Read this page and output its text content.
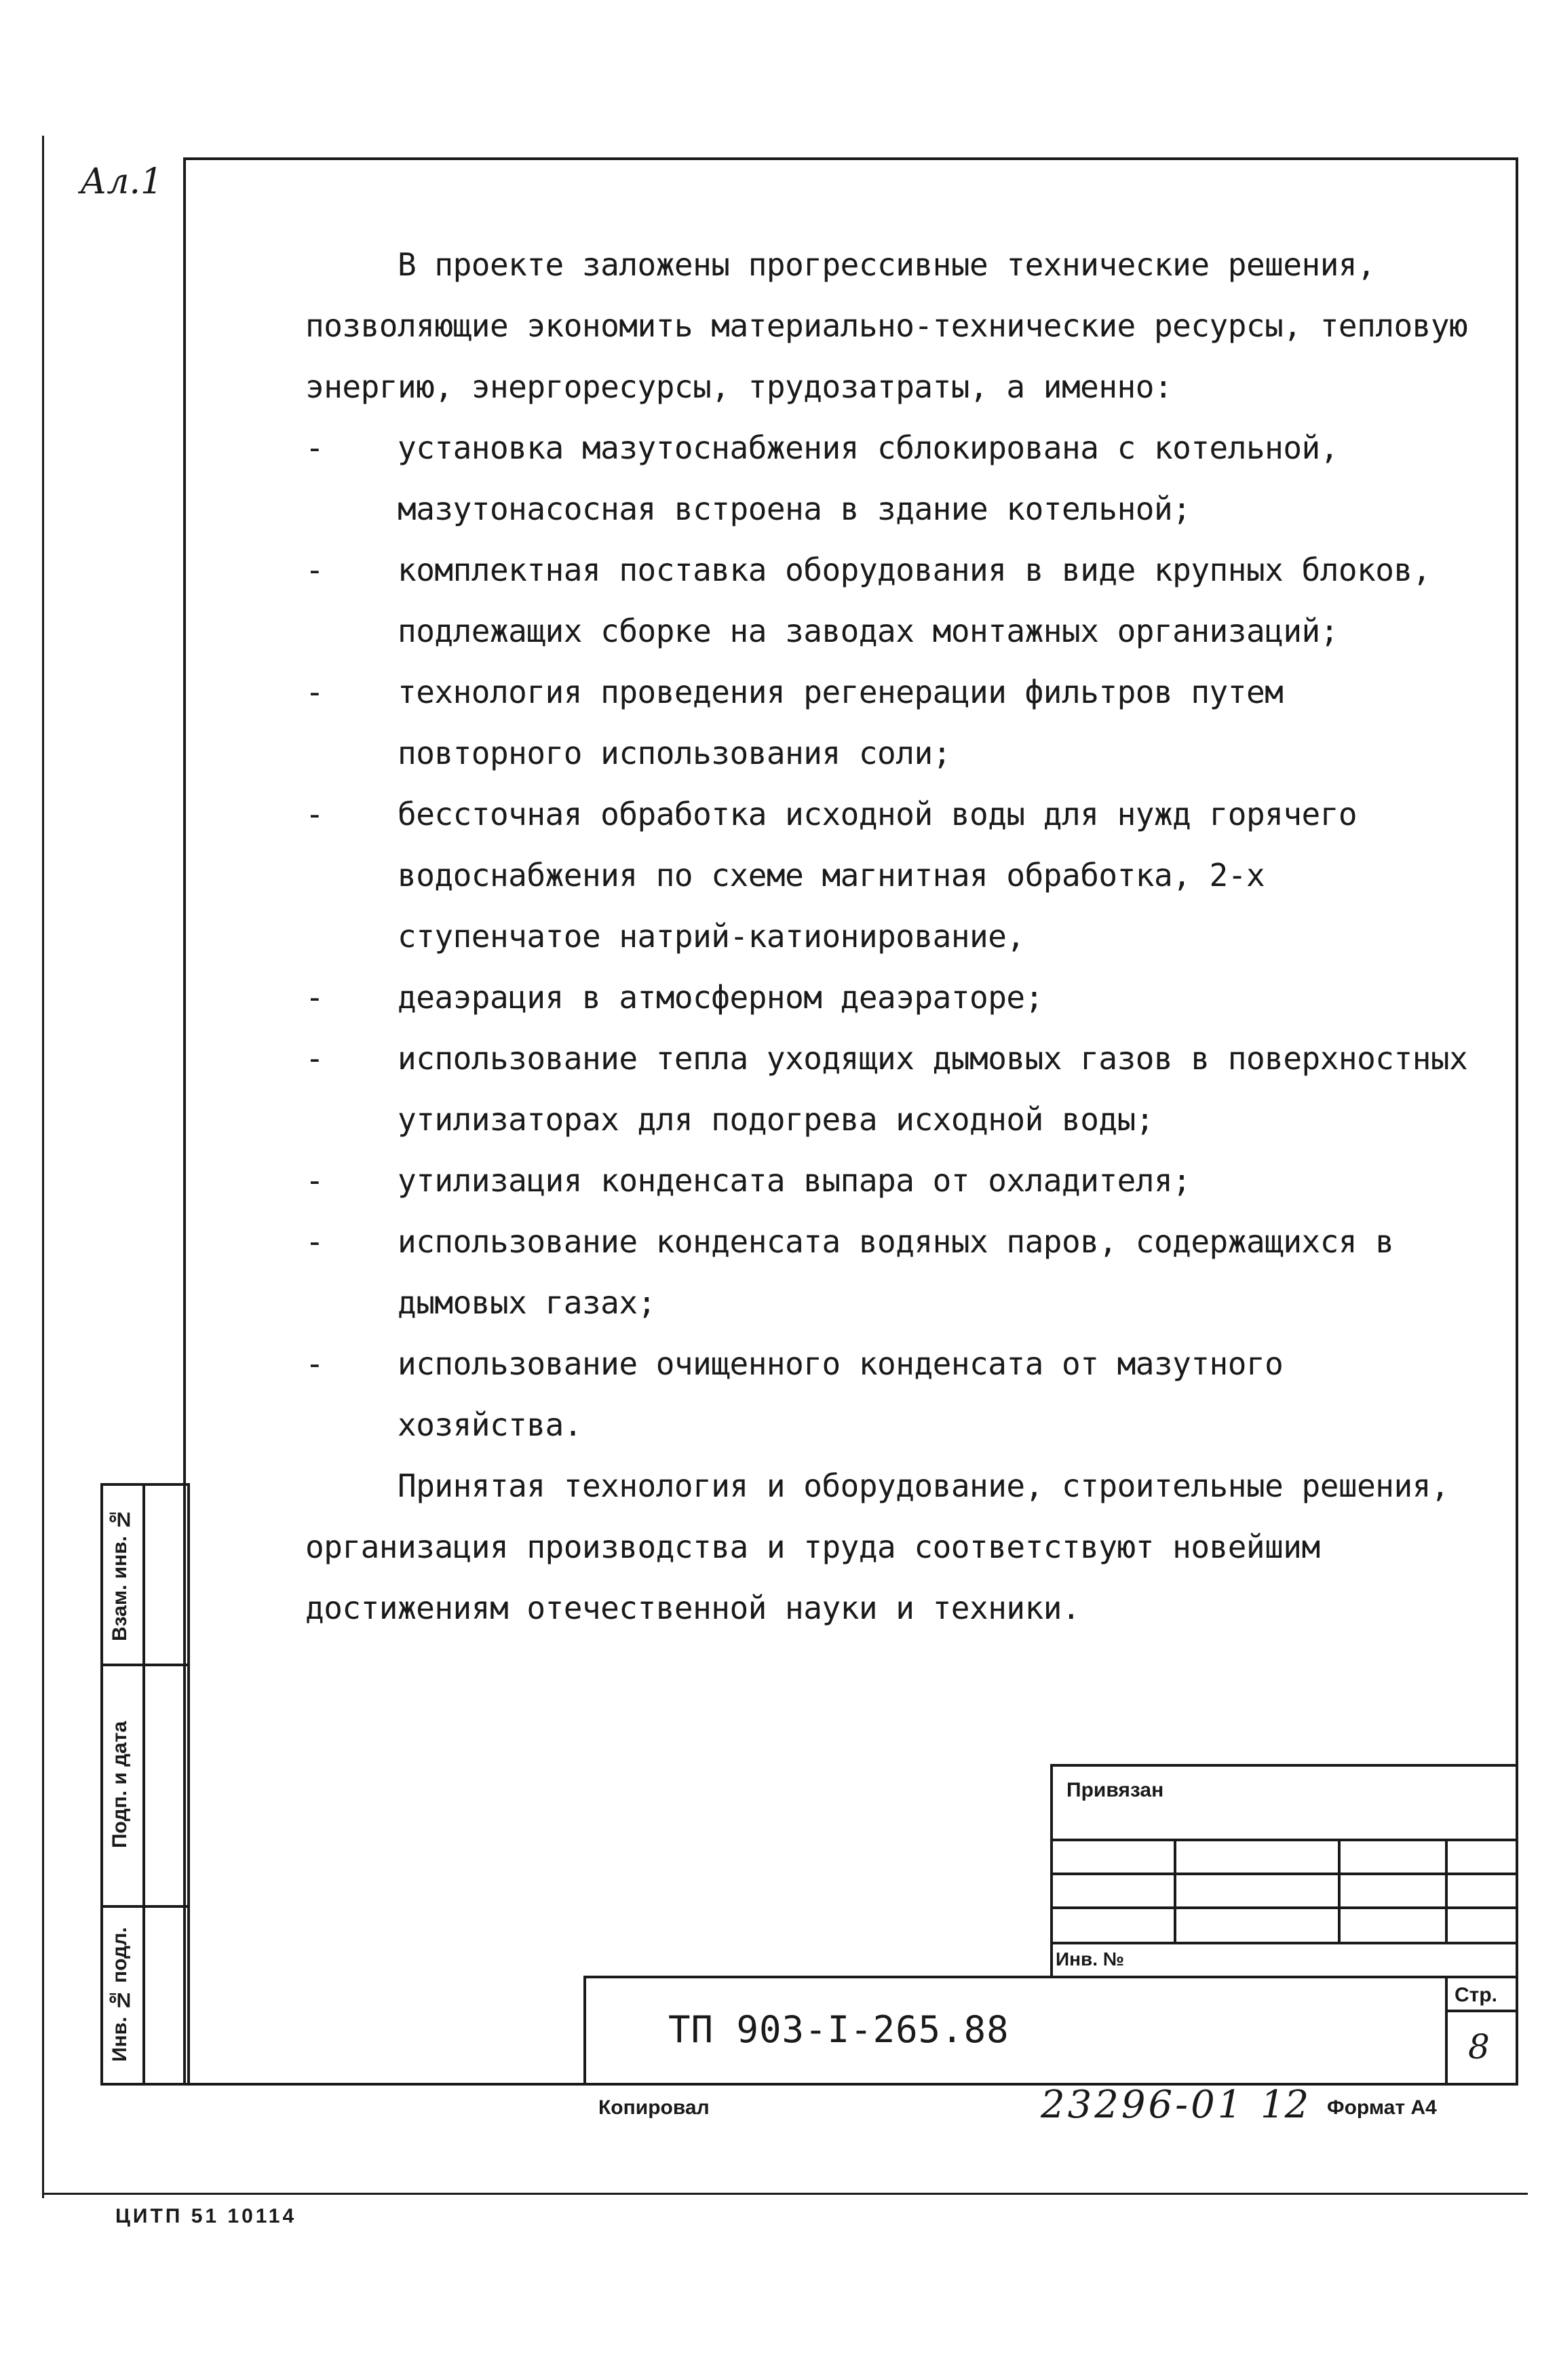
Ал.1
В проекте заложены прогрессивные технические решения, позволяющие экономить материально-технические ресурсы, тепловую энергию, энергоресурсы, трудозатраты, а именно:
-	установка мазутоснабжения сблокирована с котельной, мазутонасосная встроена в здание котельной;
-	комплектная поставка оборудования в виде крупных блоков, подлежащих сборке на заводах монтажных организаций;
-	технология проведения регенерации фильтров путем повторного использования соли;
-	бессточная обработка исходной воды для нужд горячего водоснабжения по схеме магнитная обработка, 2-х ступенчатое натрий-катионирование,
-	деаэрация в атмосферном деаэраторе;
-	использование тепла уходящих дымовых газов в поверхностных утилизаторах для подогрева исходной воды;
-	утилизация конденсата выпара от охладителя;
-	использование конденсата водяных паров, содержащихся в дымовых газах;
-	использование очищенного конденсата от мазутного хозяйства.
Принятая технология и оборудование, строительные решения, организация производства и труда соответствуют новейшим достижениям отечественной науки и техники.
Взам. инв. №
Подп. и дата
Инв. № подл.
Привязан
Инв. №
ТП 903-I-265.88
Стр.
8
Копировал	23296-01 12 Формат А4
ЦИТП 51 10114
